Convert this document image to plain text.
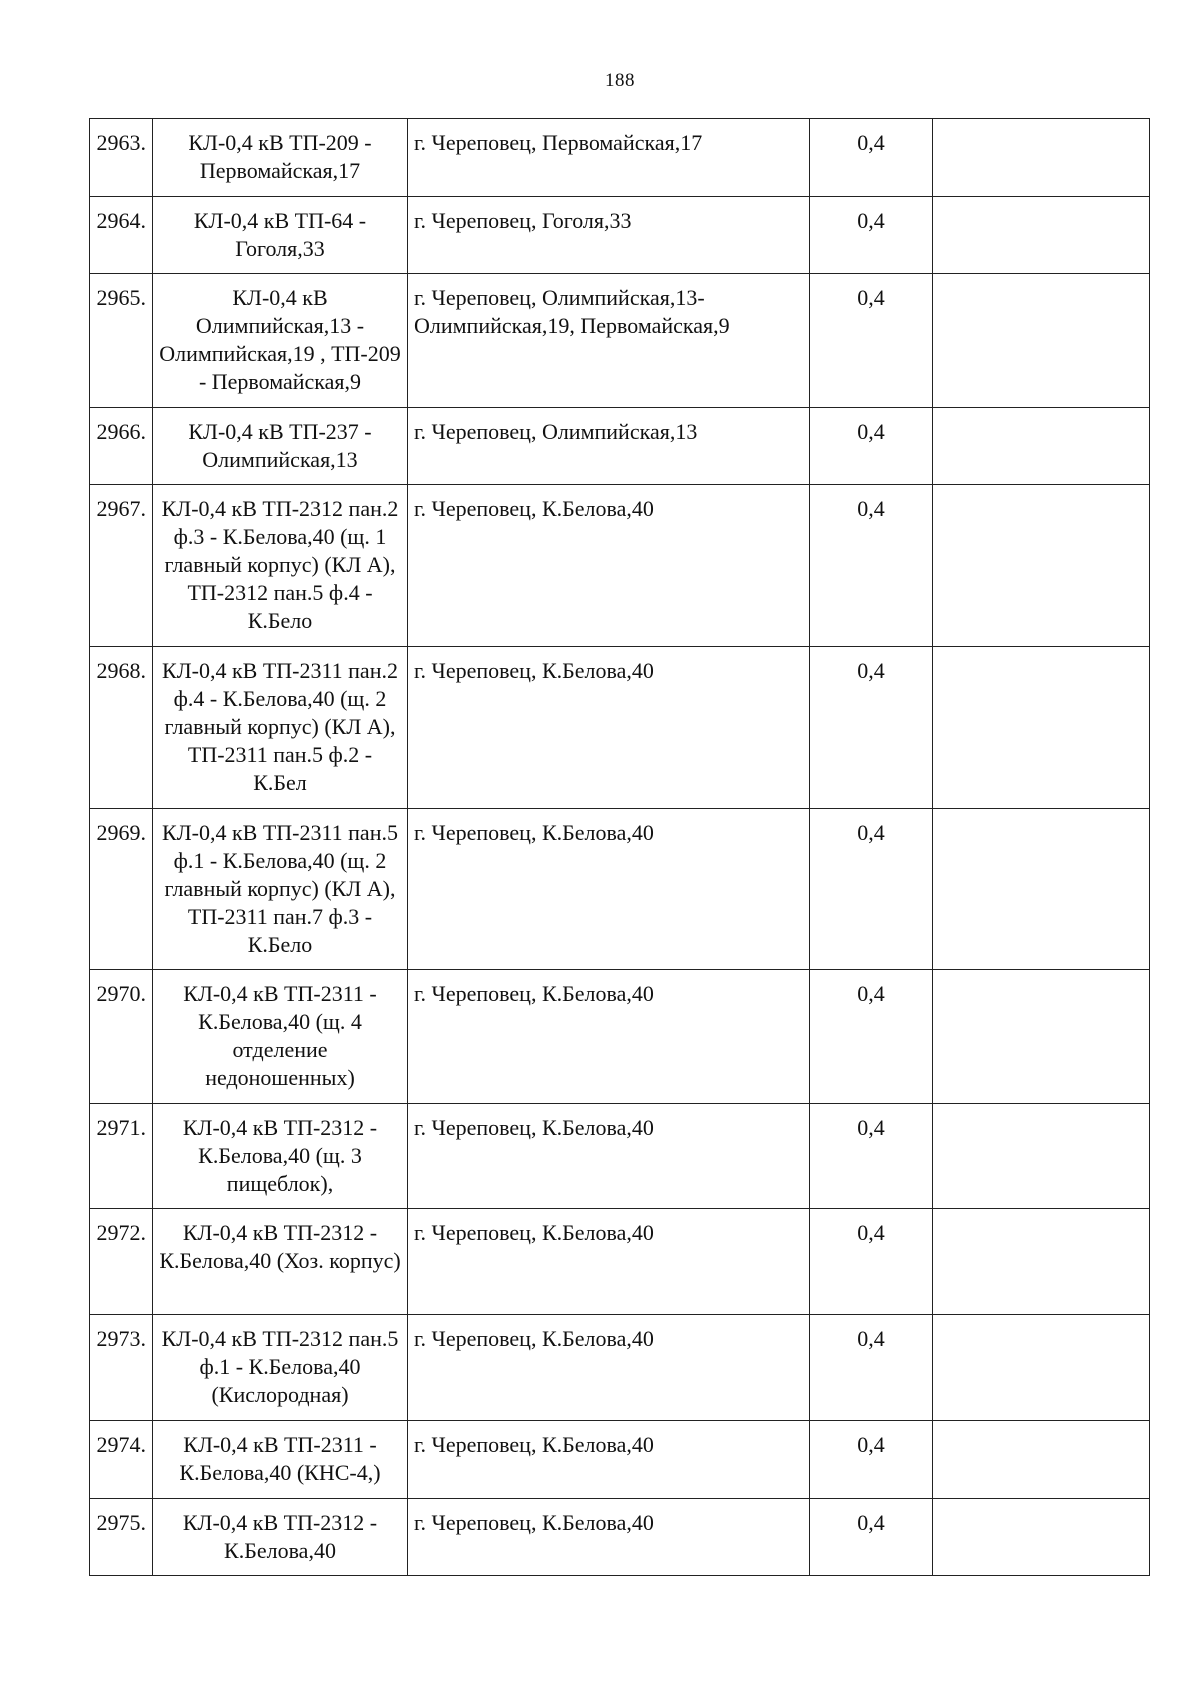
188
2963.	КЛ-0,4 кВ ТП-209 - Первомайская,17	г. Череповец, Первомайская,17	0,4	
2964.	КЛ-0,4 кВ ТП-64 - Гоголя,33	г. Череповец, Гоголя,33	0,4	
2965.	КЛ-0,4 кВ Олимпийская,13 - Олимпийская,19 , ТП-209 - Первомайская,9	г. Череповец, Олимпийская,13-Олимпийская,19, Первомайская,9	0,4	
2966.	КЛ-0,4 кВ ТП-237 - Олимпийская,13	г. Череповец, Олимпийская,13	0,4	
2967.	КЛ-0,4 кВ ТП-2312 пан.2 ф.3 - К.Белова,40 (щ. 1 главный корпус) (КЛ А), ТП-2312 пан.5 ф.4 - К.Бело	г. Череповец, К.Белова,40	0,4	
2968.	КЛ-0,4 кВ ТП-2311 пан.2 ф.4 - К.Белова,40 (щ. 2 главный корпус) (КЛ А), ТП-2311 пан.5 ф.2 - К.Бел	г. Череповец, К.Белова,40	0,4	
2969.	КЛ-0,4 кВ ТП-2311 пан.5 ф.1 - К.Белова,40 (щ. 2 главный корпус) (КЛ А), ТП-2311 пан.7 ф.3 - К.Бело	г. Череповец, К.Белова,40	0,4	
2970.	КЛ-0,4 кВ ТП-2311 - К.Белова,40 (щ. 4 отделение недоношенных)	г. Череповец, К.Белова,40	0,4	
2971.	КЛ-0,4 кВ ТП-2312 - К.Белова,40 (щ. 3 пищеблок),	г. Череповец, К.Белова,40	0,4	
2972.	КЛ-0,4 кВ ТП-2312 - К.Белова,40 (Хоз. корпус)	г. Череповец, К.Белова,40	0,4	
2973.	КЛ-0,4 кВ ТП-2312 пан.5 ф.1 - К.Белова,40 (Кислородная)	г. Череповец, К.Белова,40	0,4	
2974.	КЛ-0,4 кВ ТП-2311 - К.Белова,40 (КНС-4,)	г. Череповец, К.Белова,40	0,4	
2975.	КЛ-0,4 кВ ТП-2312 - К.Белова,40	г. Череповец, К.Белова,40	0,4	
